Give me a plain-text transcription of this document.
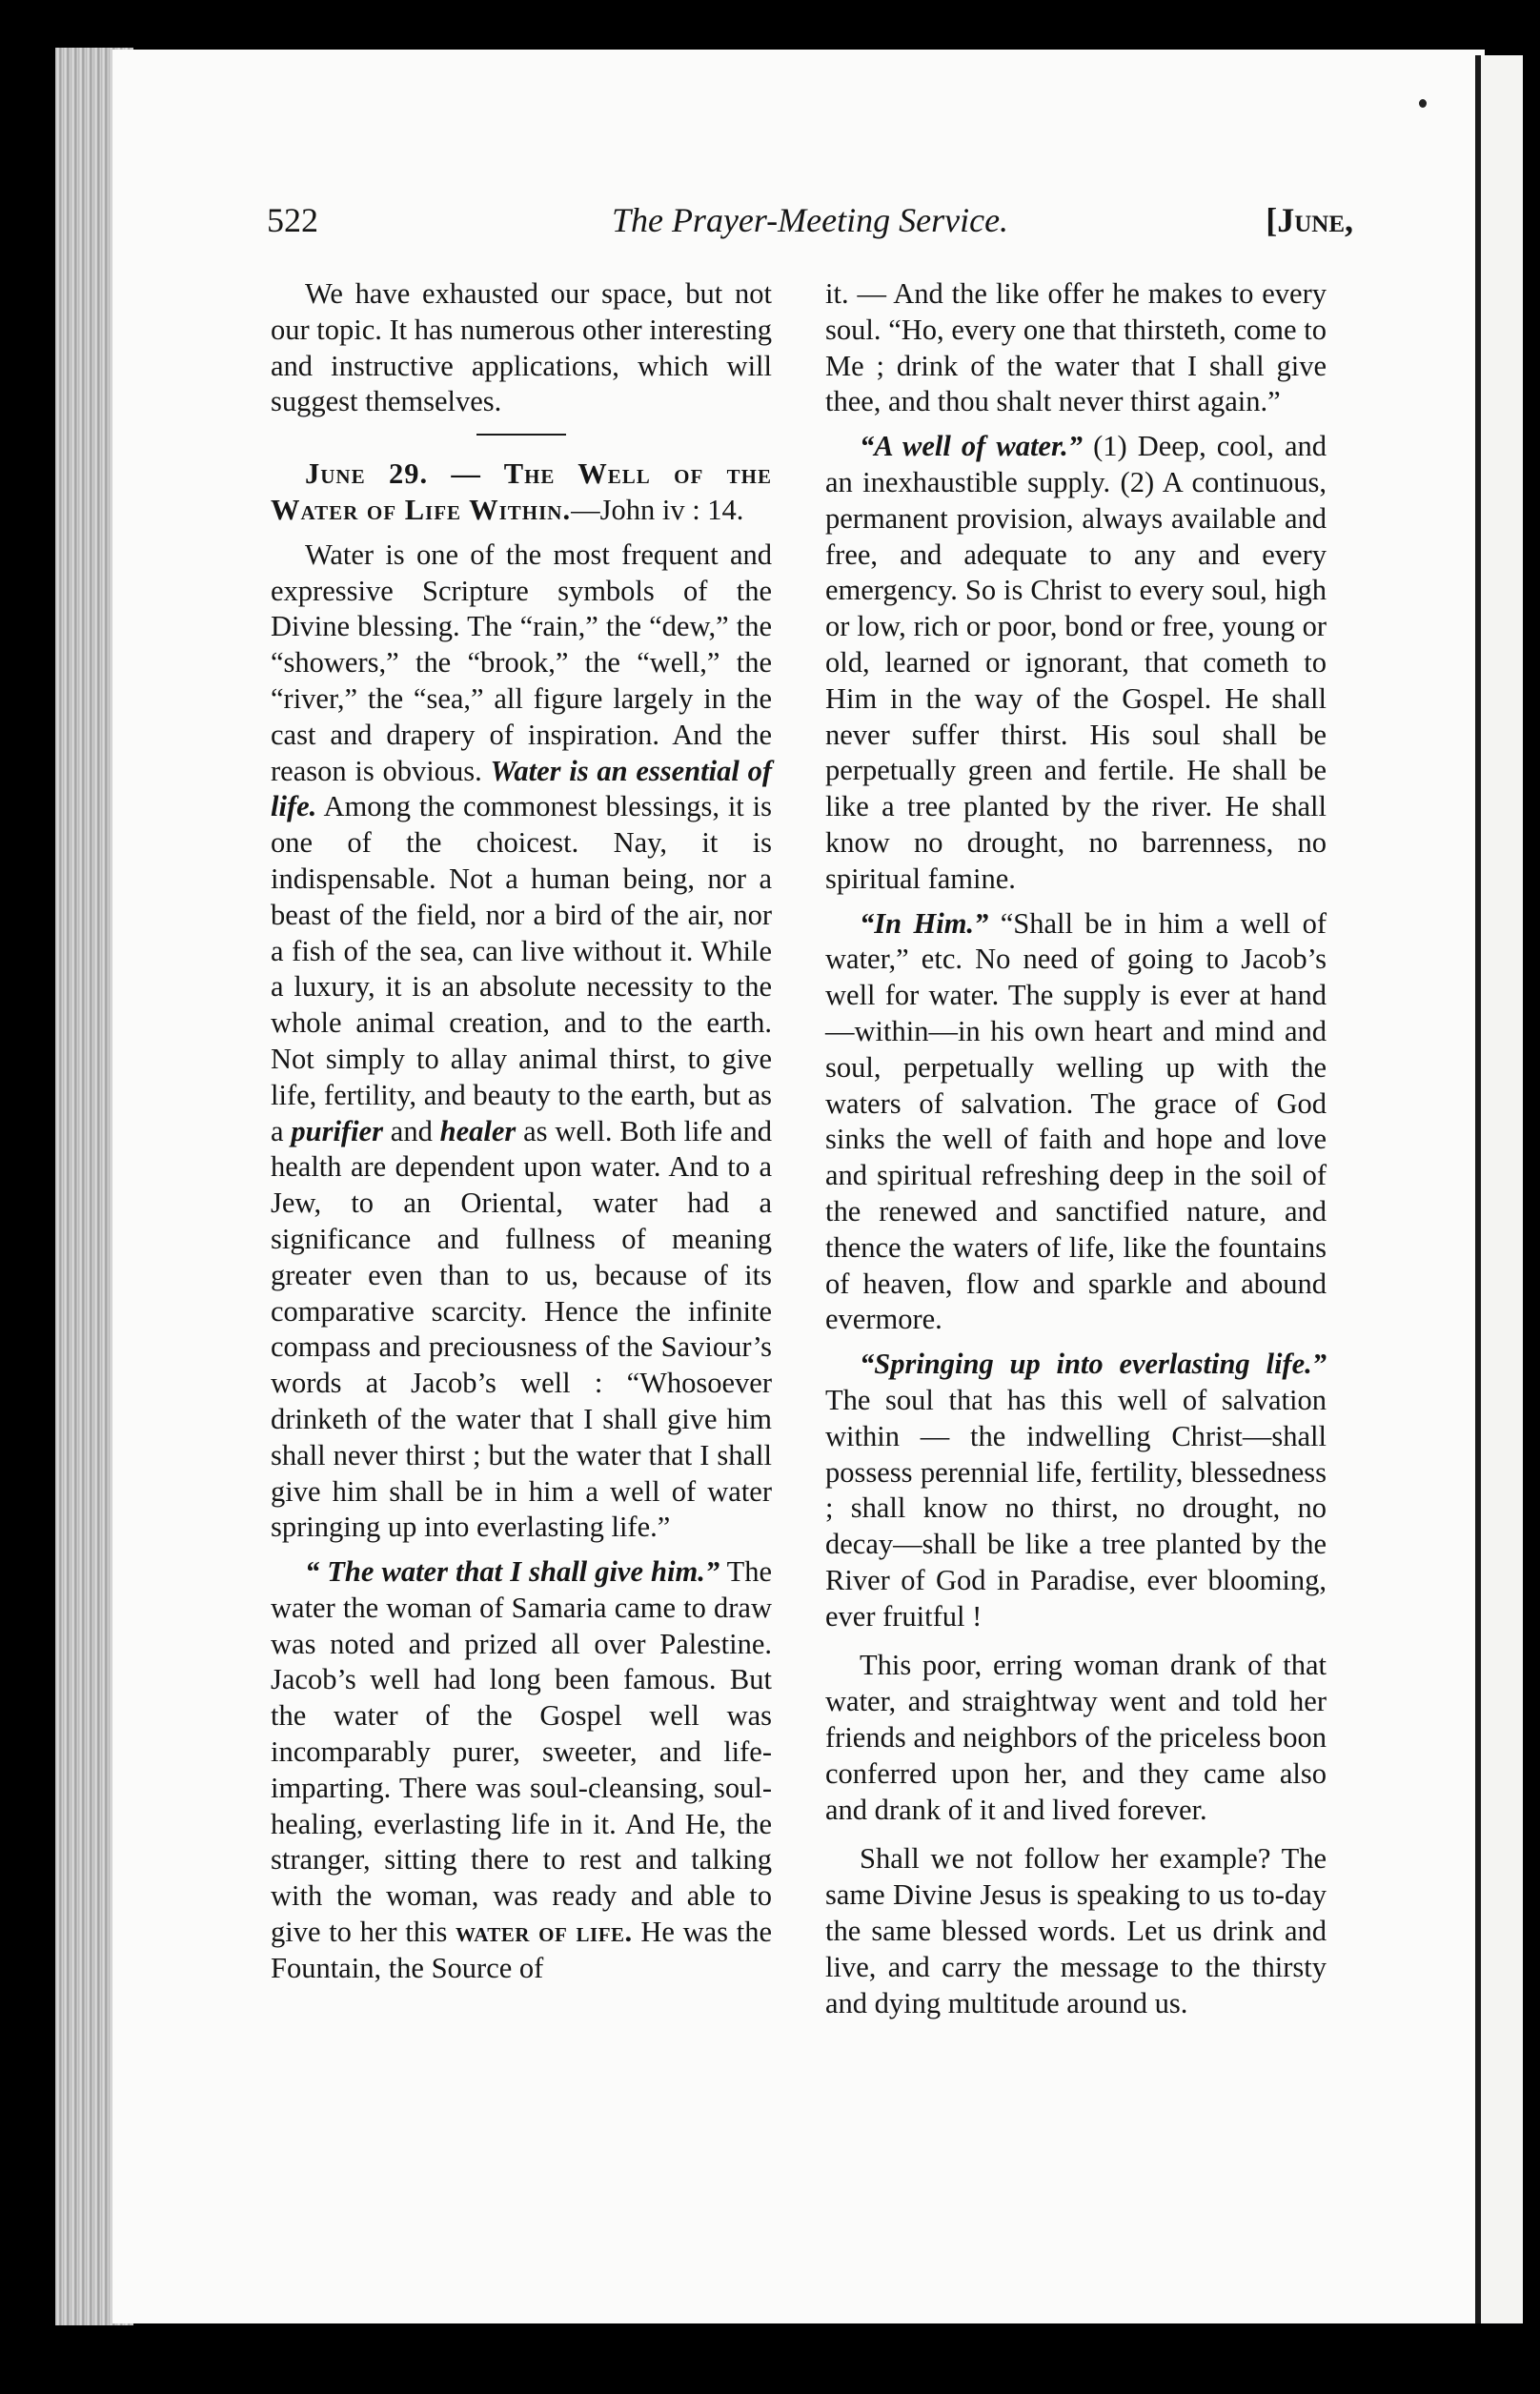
522	The Prayer-Meeting Service.	[June,

We have exhausted our space, but not our topic. It has numerous other interesting and instructive applications, which will suggest themselves.

June 29. — The Well of the Water of Life Within.—John iv : 14.

Water is one of the most frequent and expressive Scripture symbols of the Divine blessing. The “rain,” the “dew,” the “showers,” the “brook,” the “well,” the “river,” the “sea,” all figure largely in the cast and drapery of inspiration. And the reason is obvious. Water is an essential of life. Among the commonest blessings, it is one of the choicest. Nay, it is indispensable. Not a human being, nor a beast of the field, nor a bird of the air, nor a fish of the sea, can live without it. While a luxury, it is an absolute necessity to the whole animal creation, and to the earth. Not simply to allay animal thirst, to give life, fertility, and beauty to the earth, but as a purifier and healer as well. Both life and health are dependent upon water. And to a Jew, to an Oriental, water had a significance and fullness of meaning greater even than to us, because of its comparative scarcity. Hence the infinite compass and preciousness of the Saviour’s words at Jacob’s well : “Whosoever drinketh of the water that I shall give him shall never thirst ; but the water that I shall give him shall be in him a well of water springing up into everlasting life.”

“ The water that I shall give him.” The water the woman of Samaria came to draw was noted and prized all over Palestine. Jacob’s well had long been famous. But the water of the Gospel well was incomparably purer, sweeter, and life-imparting. There was soul-cleansing, soul-healing, everlasting life in it. And He, the stranger, sitting there to rest and talking with the woman, was ready and able to give to her this water of life. He was the Fountain, the Source of

it. — And the like offer he makes to every soul. “Ho, every one that thirsteth, come to Me ; drink of the water that I shall give thee, and thou shalt never thirst again.”

“A well of water.” (1) Deep, cool, and an inexhaustible supply. (2) A continuous, permanent provision, always available and free, and adequate to any and every emergency. So is Christ to every soul, high or low, rich or poor, bond or free, young or old, learned or ignorant, that cometh to Him in the way of the Gospel. He shall never suffer thirst. His soul shall be perpetually green and fertile. He shall be like a tree planted by the river. He shall know no drought, no barrenness, no spiritual famine.

“In Him.” “Shall be in him a well of water,” etc. No need of going to Jacob’s well for water. The supply is ever at hand—within—in his own heart and mind and soul, perpetually welling up with the waters of salvation. The grace of God sinks the well of faith and hope and love and spiritual refreshing deep in the soil of the renewed and sanctified nature, and thence the waters of life, like the fountains of heaven, flow and sparkle and abound evermore.

“Springing up into everlasting life.” The soul that has this well of salvation within — the indwelling Christ—shall possess perennial life, fertility, blessedness ; shall know no thirst, no drought, no decay—shall be like a tree planted by the River of God in Paradise, ever blooming, ever fruitful !

This poor, erring woman drank of that water, and straightway went and told her friends and neighbors of the priceless boon conferred upon her, and they came also and drank of it and lived forever.

Shall we not follow her example? The same Divine Jesus is speaking to us to-day the same blessed words. Let us drink and live, and carry the message to the thirsty and dying multitude around us.
